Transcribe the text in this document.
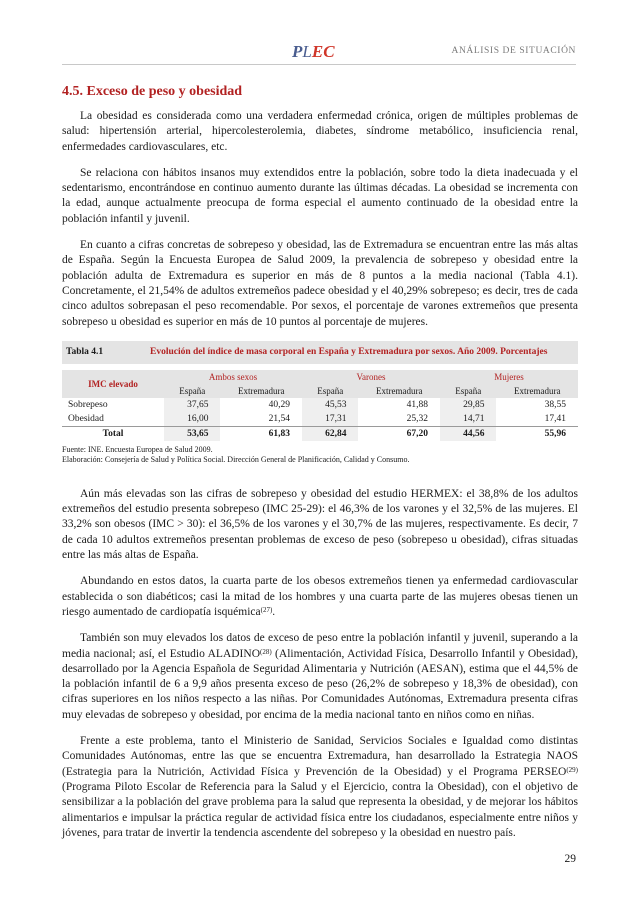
PLEC	ANÁLISIS DE SITUACIÓN
4.5. Exceso de peso y obesidad

La obesidad es considerada como una verdadera enfermedad crónica, origen de múltiples problemas de salud: hipertensión arterial, hipercolesterolemia, diabetes, síndrome metabólico, insuficiencia renal, enfermedades cardiovasculares, etc.

Se relaciona con hábitos insanos muy extendidos entre la población, sobre todo la dieta inadecuada y el sedentarismo, encontrándose en continuo aumento durante las últimas décadas. La obesidad se incrementa con la edad, aunque actualmente preocupa de forma especial el aumento continuado de la obesidad entre la población infantil y juvenil.

En cuanto a cifras concretas de sobrepeso y obesidad, las de Extremadura se encuentran entre las más altas de España. Según la Encuesta Europea de Salud 2009, la prevalencia de sobrepeso y obesidad entre la población adulta de Extremadura es superior en más de 8 puntos a la media nacional (Tabla 4.1). Concretamente, el 21,54% de adultos extremeños padece obesidad y el 40,29% sobrepeso; es decir, tres de cada cinco adultos sobrepasan el peso recomendable. Por sexos, el porcentaje de varones extremeños que presenta sobrepeso u obesidad es superior en más de 10 puntos al porcentaje de mujeres.

Tabla 4.1	Evolución del índice de masa corporal en España y Extremadura por sexos. Año 2009. Porcentajes
IMC elevado	Ambos sexos		Varones		Mujeres	
	España	Extremadura	España	Extremadura	España	Extremadura
Sobrepeso	37,65	40,29	45,53	41,88	29,85	38,55
Obesidad	16,00	21,54	17,31	25,32	14,71	17,41
Total	53,65	61,83	62,84	67,20	44,56	55,96
Fuente: INE. Encuesta Europea de Salud 2009.
Elaboración: Consejería de Salud y Política Social. Dirección General de Planificación, Calidad y Consumo.

Aún más elevadas son las cifras de sobrepeso y obesidad del estudio HERMEX: el 38,8% de los adultos extremeños del estudio presenta sobrepeso (IMC 25-29): el 46,3% de los varones y el 32,5% de las mujeres. El 33,2% son obesos (IMC > 30): el 36,5% de los varones y el 30,7% de las mujeres, respectivamente. Es decir, 7 de cada 10 adultos extremeños presentan problemas de exceso de peso (sobrepeso u obesidad), cifras situadas entre las más altas de España.

Abundando en estos datos, la cuarta parte de los obesos extremeños tienen ya enfermedad cardiovascular establecida o son diabéticos; casi la mitad de los hombres y una cuarta parte de las mujeres obesas tienen un riesgo aumentado de cardiopatía isquémica$^{(27)}$.

También son muy elevados los datos de exceso de peso entre la población infantil y juvenil, superando a la media nacional; así, el Estudio ALADINO$^{(28)}$ (Alimentación, Actividad Física, Desarrollo Infantil y Obesidad), desarrollado por la Agencia Española de Seguridad Alimentaria y Nutrición (AESAN), estima que el 44,5% de la población infantil de 6 a 9,9 años presenta exceso de peso (26,2% de sobrepeso y 18,3% de obesidad), con cifras superiores en los niños respecto a las niñas. Por Comunidades Autónomas, Extremadura presenta cifras muy elevadas de sobrepeso y obesidad, por encima de la media nacional tanto en niños como en niñas.

Frente a este problema, tanto el Ministerio de Sanidad, Servicios Sociales e Igualdad como distintas Comunidades Autónomas, entre las que se encuentra Extremadura, han desarrollado la Estrategia NAOS (Estrategia para la Nutrición, Actividad Física y Prevención de la Obesidad) y el Programa PERSEO$^{(29)}$ (Programa Piloto Escolar de Referencia para la Salud y el Ejercicio, contra la Obesidad), con el objetivo de sensibilizar a la población del grave problema para la salud que representa la obesidad, y de mejorar los hábitos alimentarios e impulsar la práctica regular de actividad física entre los ciudadanos, especialmente entre niños y jóvenes, para tratar de invertir la tendencia ascendente del sobrepeso y la obesidad en nuestro país.

29
